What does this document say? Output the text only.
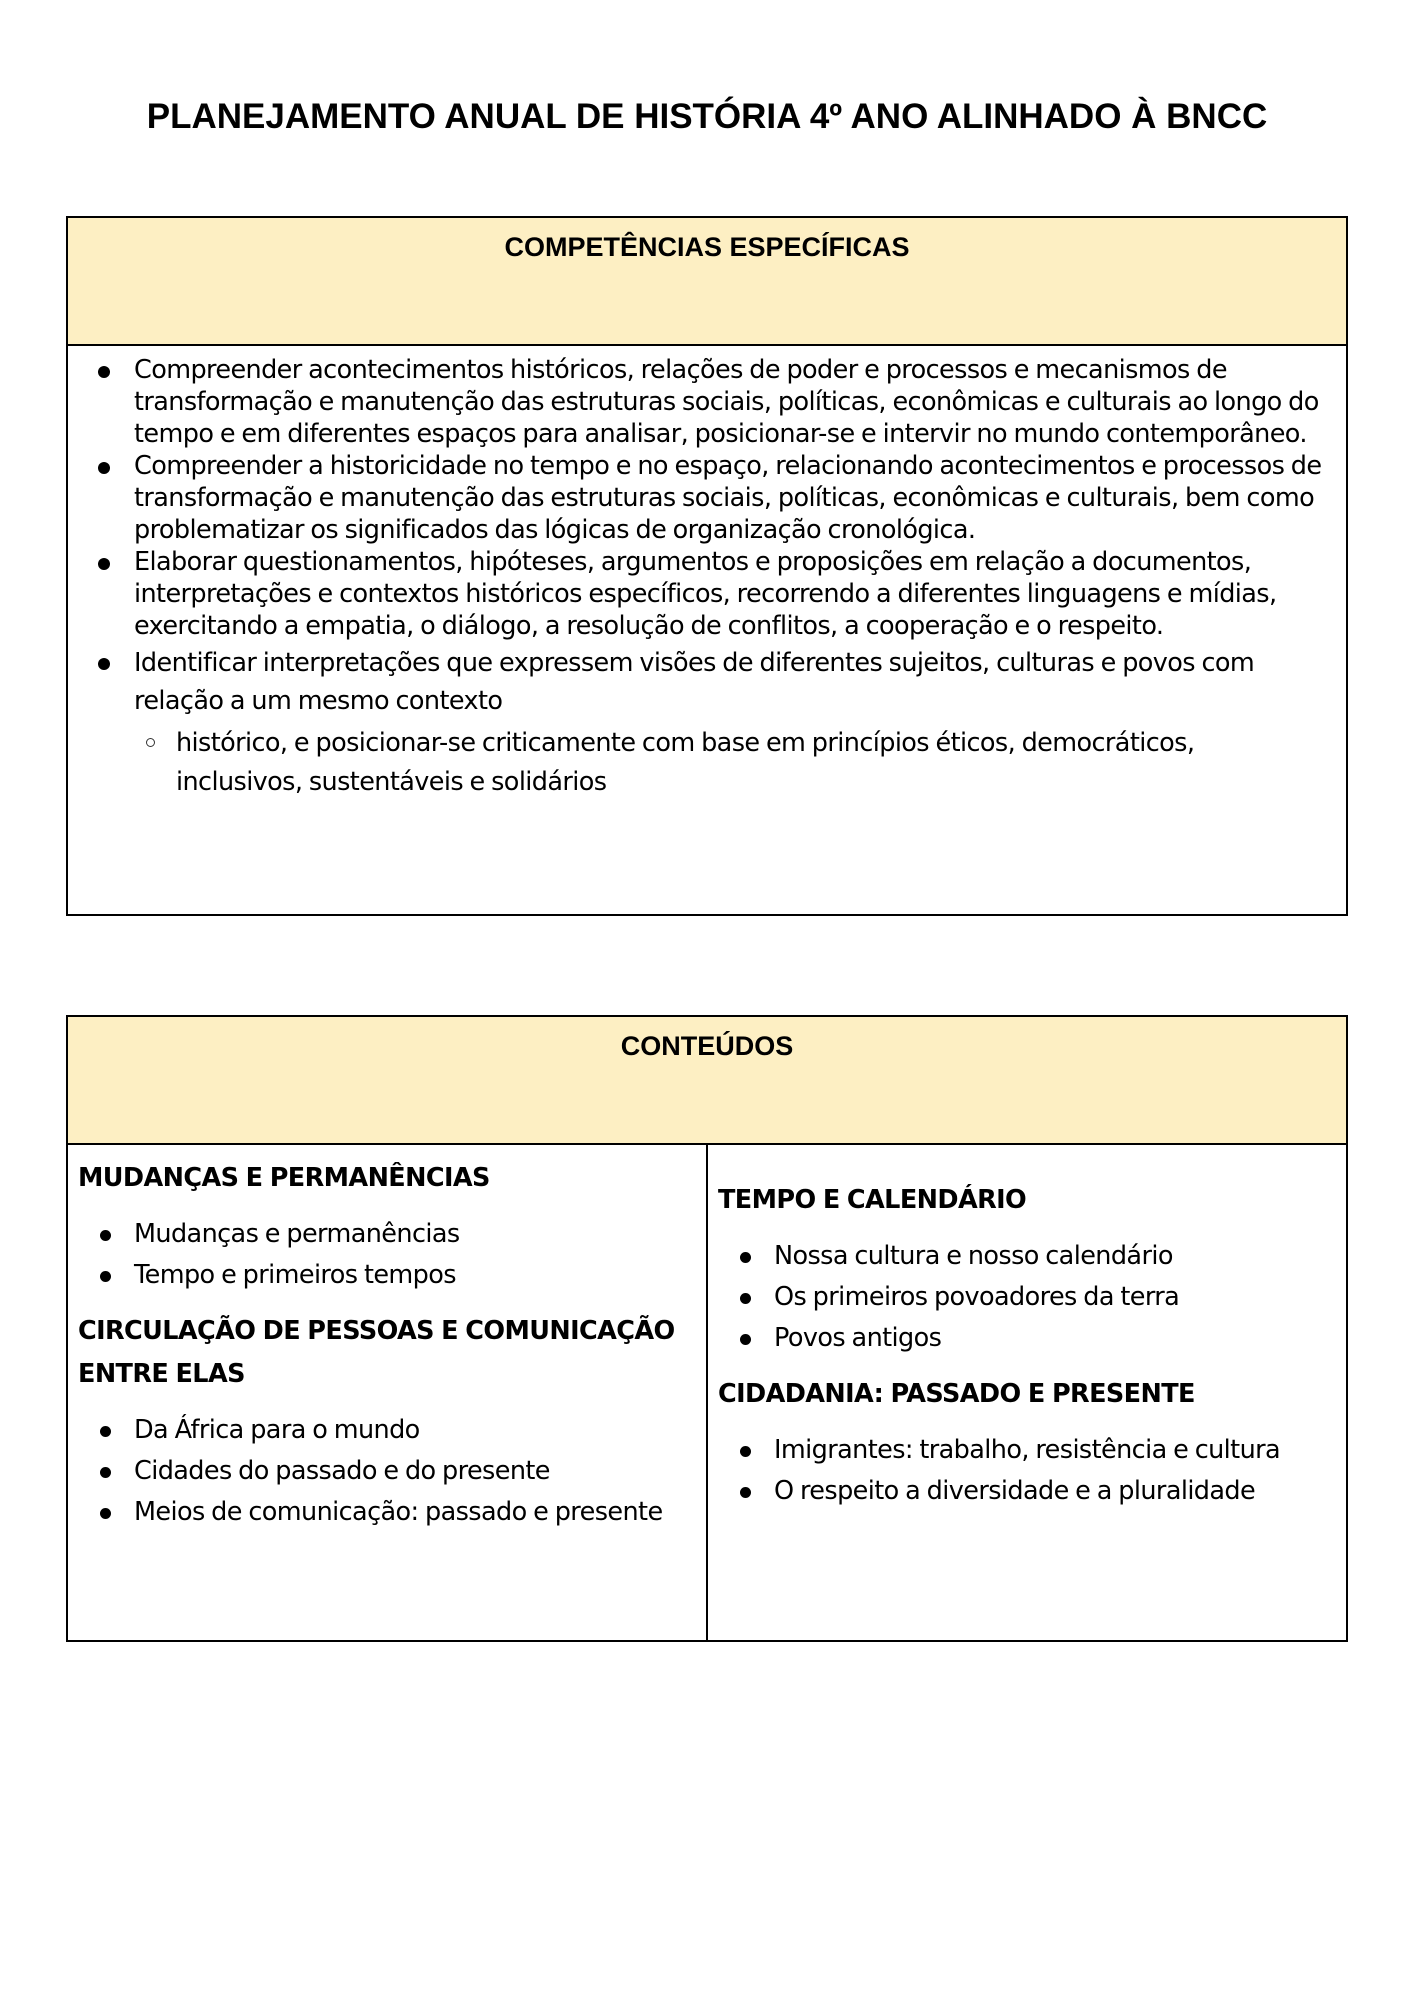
PLANEJAMENTO ANUAL DE HISTÓRIA 4º ANO ALINHADO À BNCC
COMPETÊNCIAS ESPECÍFICAS
Compreender acontecimentos históricos, relações de poder e processos e mecanismos de transformação e manutenção das estruturas sociais, políticas, econômicas e culturais ao longo do tempo e em diferentes espaços para analisar, posicionar-se e intervir no mundo contemporâneo.
Compreender a historicidade no tempo e no espaço, relacionando acontecimentos e processos de transformação e manutenção das estruturas sociais, políticas, econômicas e culturais, bem como problematizar os significados das lógicas de organização cronológica.
Elaborar questionamentos, hipóteses, argumentos e proposições em relação a documentos, interpretações e contextos históricos específicos, recorrendo a diferentes linguagens e mídias, exercitando a empatia, o diálogo, a resolução de conflitos, a cooperação e o respeito.
Identificar interpretações que expressem visões de diferentes sujeitos, culturas e povos com relação a um mesmo contexto
histórico, e posicionar-se criticamente com base em princípios éticos, democráticos, inclusivos, sustentáveis e solidários
CONTEÚDOS

MUDANÇAS E PERMANÊNCIAS

Mudanças e permanências
Tempo e primeiros tempos

CIRCULAÇÃO DE PESSOAS E COMUNICAÇÃO ENTRE ELAS

Da África para o mundo
Cidades do passado e do presente
Meios de comunicação: passado e presente

TEMPO E CALENDÁRIO

Nossa cultura e nosso calendário
Os primeiros povoadores da terra
Povos antigos

CIDADANIA: PASSADO E PRESENTE

Imigrantes: trabalho, resistência e cultura
O respeito a diversidade e a pluralidade
